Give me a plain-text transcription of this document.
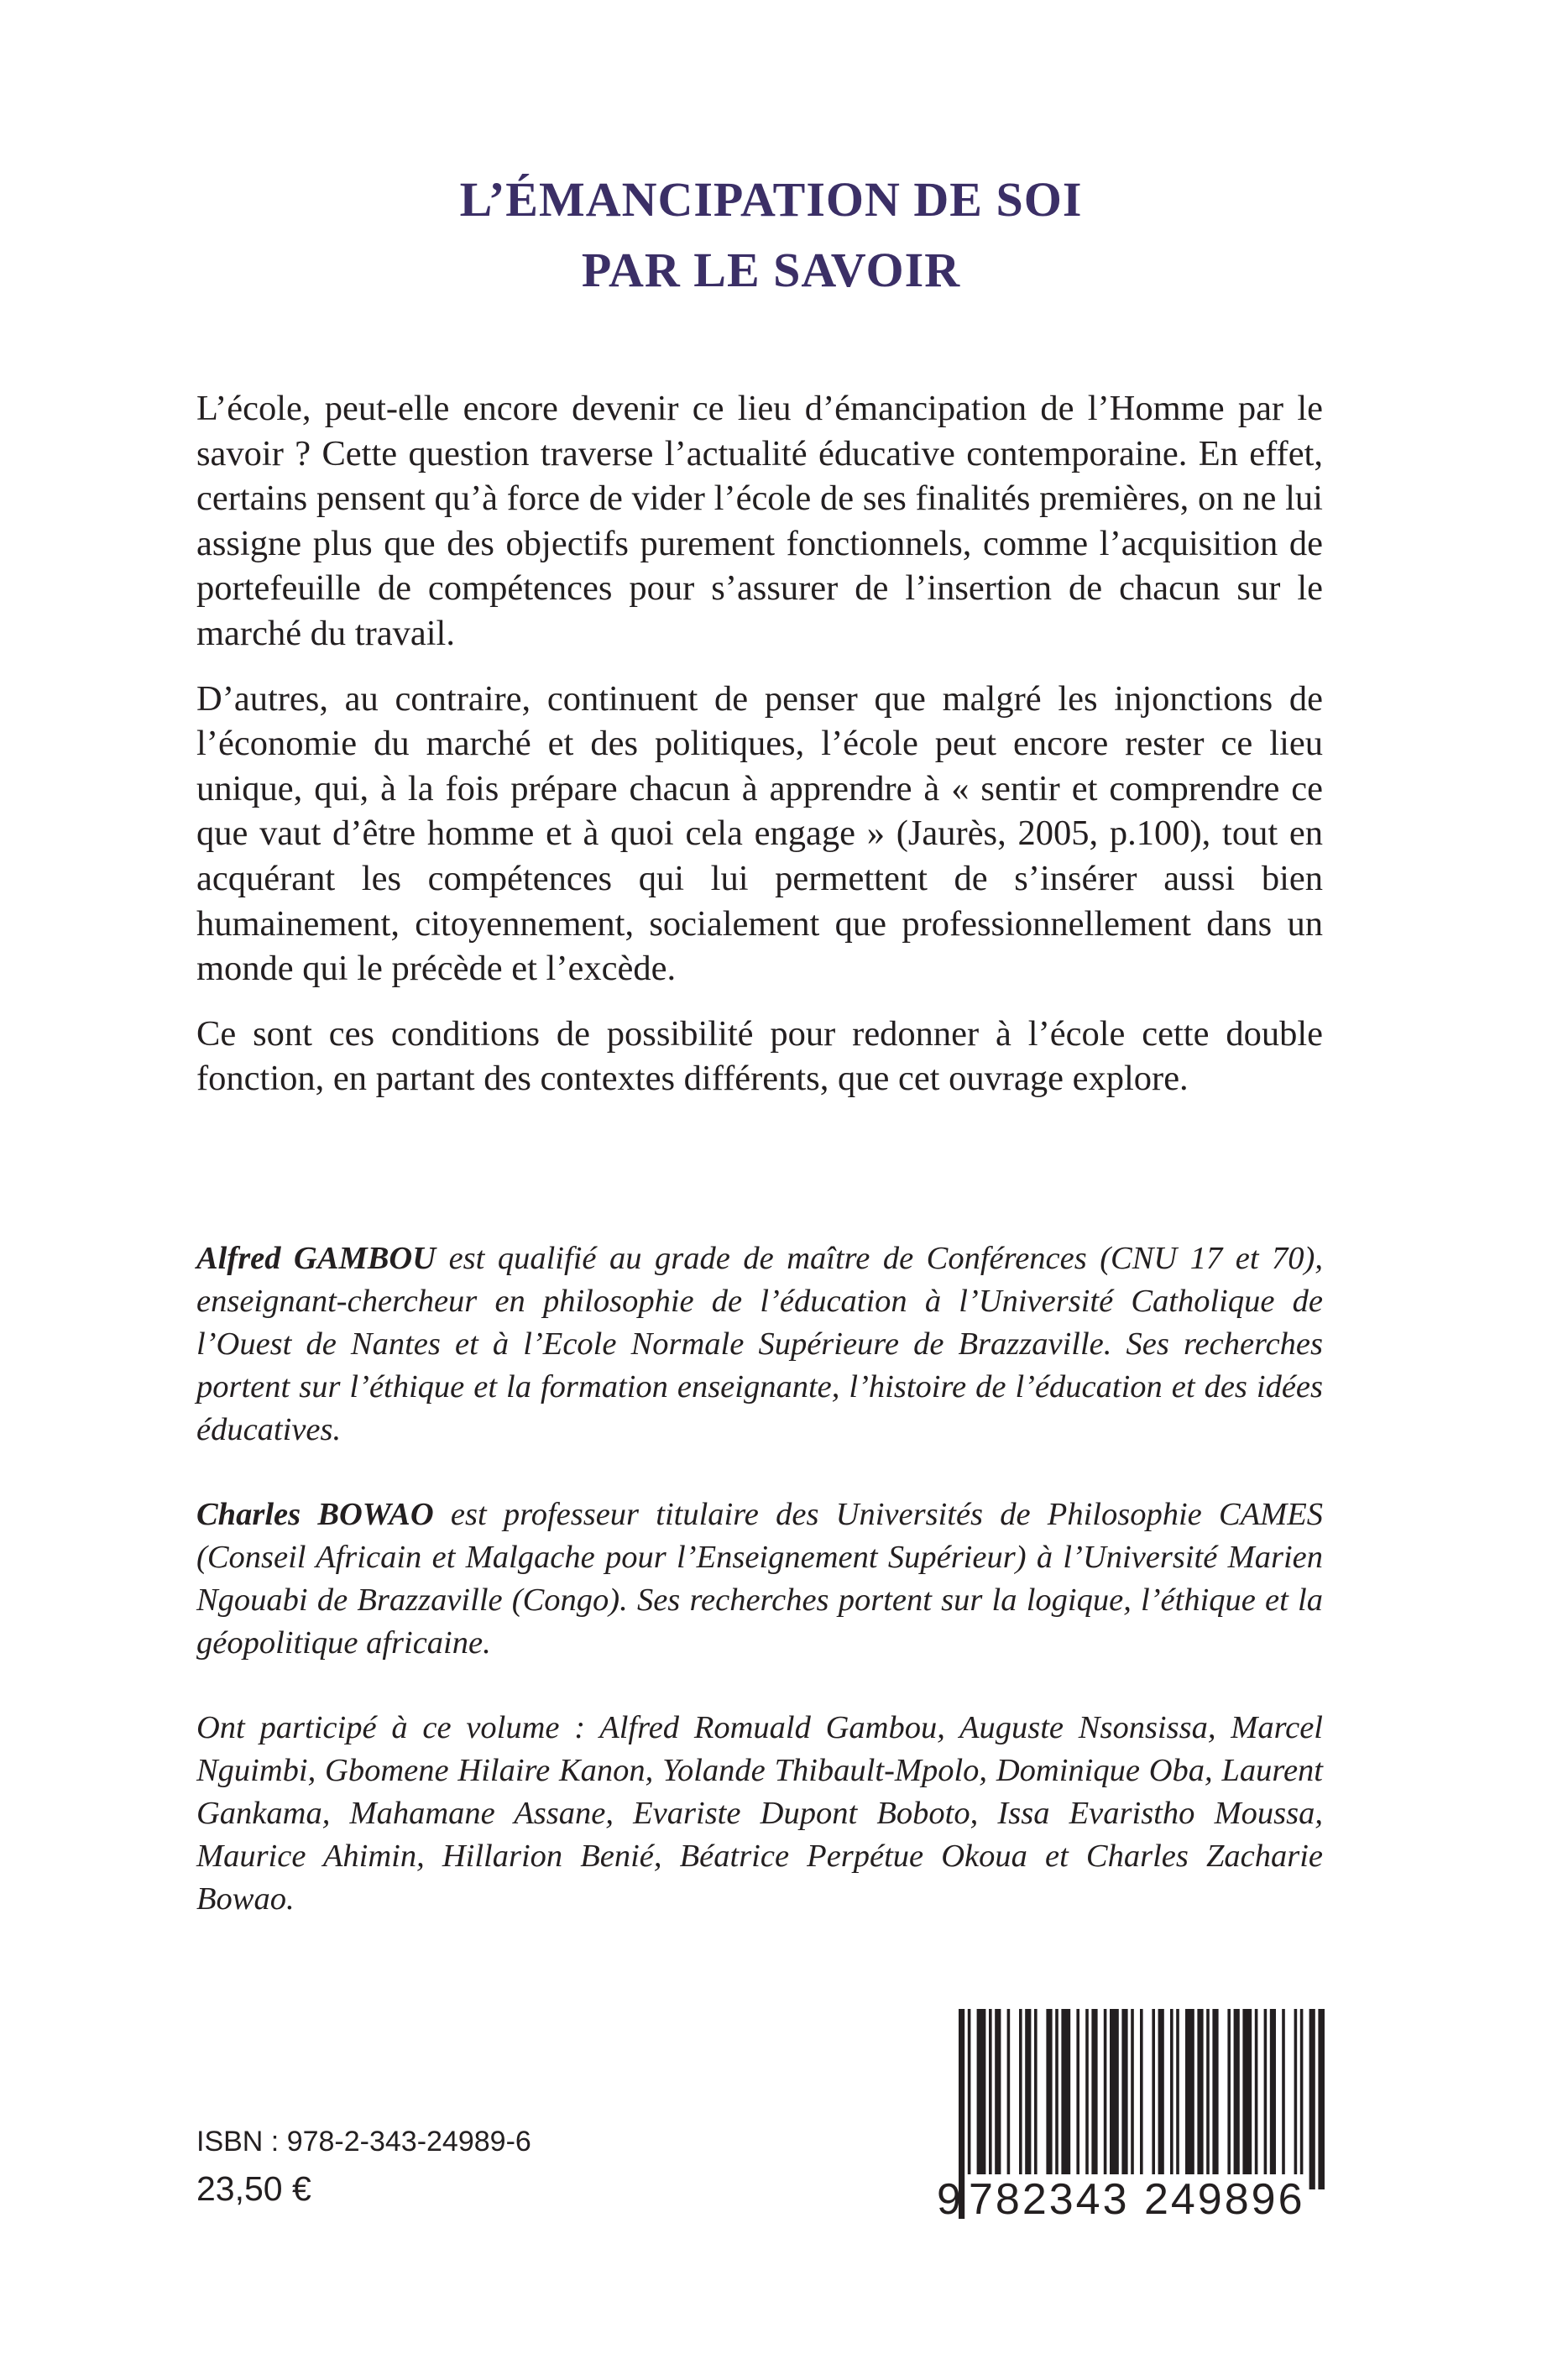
L’ÉMANCIPATION DE SOI
PAR LE SAVOIR

L’école, peut-elle encore devenir ce lieu d’émancipation de l’Homme par le savoir ? Cette question traverse l’actualité éducative contemporaine. En effet, certains pensent qu’à force de vider l’école de ses finalités premières, on ne lui assigne plus que des objectifs purement fonctionnels, comme l’acquisition de portefeuille de compétences pour s’assurer de l’insertion de chacun sur le marché du travail.

D’autres, au contraire, continuent de penser que malgré les injonctions de l’économie du marché et des politiques, l’école peut encore rester ce lieu unique, qui, à la fois prépare chacun à apprendre à « sentir et comprendre ce que vaut d’être homme et à quoi cela engage » (Jaurès, 2005, p.100), tout en acquérant les compétences qui lui permettent de s’insérer aussi bien humainement, citoyennement, socialement que professionnellement dans un monde qui le précède et l’excède.

Ce sont ces conditions de possibilité pour redonner à l’école cette double fonction, en partant des contextes différents, que cet ouvrage explore.

Alfred GAMBOU est qualifié au grade de maître de Conférences (CNU 17 et 70), enseignant-chercheur en philosophie de l’éducation à l’Université Catholique de l’Ouest de Nantes et à l’Ecole Normale Supérieure de Brazzaville. Ses recherches portent sur l’éthique et la formation enseignante, l’histoire de l’éducation et des idées éducatives.

Charles BOWAO est professeur titulaire des Universités de Philosophie CAMES (Conseil Africain et Malgache pour l’Enseignement Supérieur) à l’Université Marien Ngouabi de Brazzaville (Congo). Ses recherches portent sur la logique, l’éthique et la géopolitique africaine.

Ont participé à ce volume : Alfred Romuald Gambou, Auguste Nsonsissa, Marcel Nguimbi, Gbomene Hilaire Kanon, Yolande Thibault-Mpolo, Dominique Oba, Laurent Gankama, Mahamane Assane, Evariste Dupont Boboto, Issa Evaristho Moussa, Maurice Ahimin, Hillarion Benié, Béatrice Perpétue Okoua et Charles Zacharie Bowao.

ISBN : 978-2-343-24989-6
23,50 €	9 782343 249896
